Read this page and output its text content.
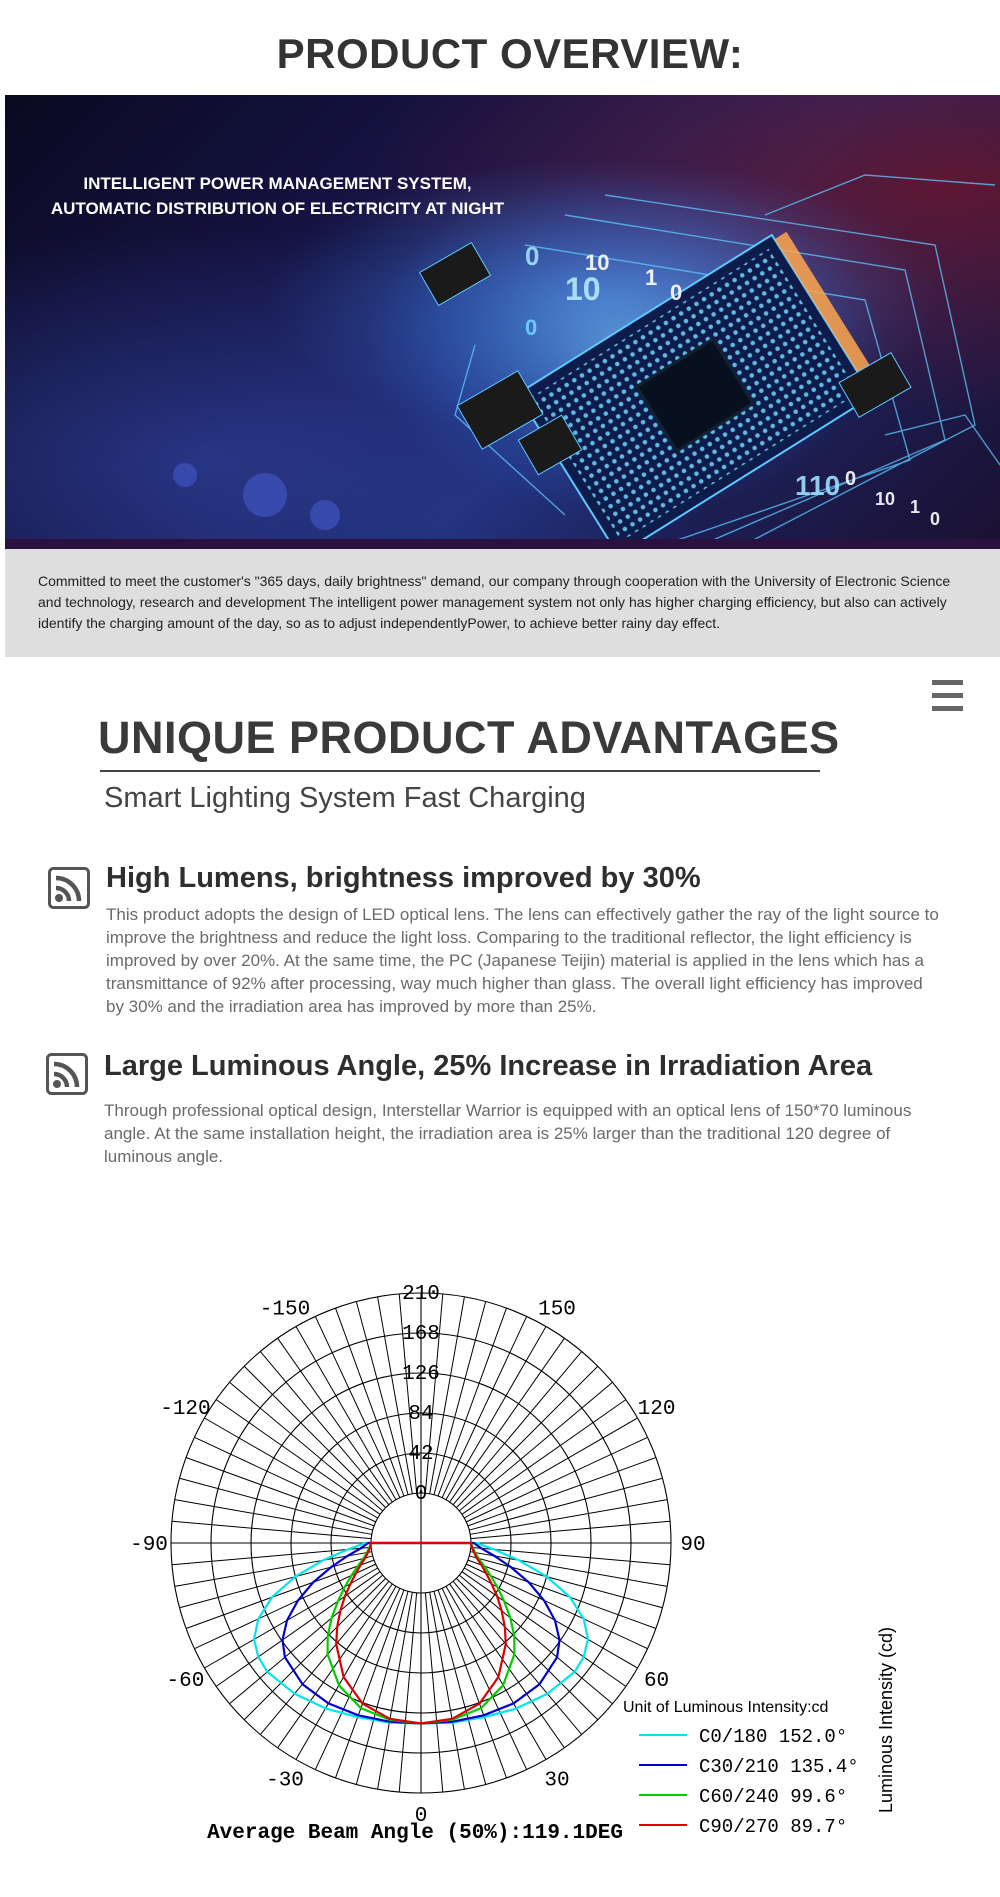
PRODUCT OVERVIEW:
0 10
1
0
10
0
110 0
10 1
0
INTELLIGENT POWER MANAGEMENT SYSTEM,
AUTOMATIC DISTRIBUTION OF ELECTRICITY AT NIGHT
Committed to meet the customer's "365 days, daily brightness" demand, our company through cooperation with the University of Electronic Science and technology, research and development The intelligent power management system not only has higher charging efficiency, but also can actively identify the charging amount of the day, so as to adjust independentlyPower, to achieve better rainy day effect.
UNIQUE PRODUCT ADVANTAGES
Smart Lighting System Fast Charging
High Lumens, brightness improved by 30%
This product adopts the design of LED optical lens. The lens can effectively gather the ray of the light source to improve the brightness and reduce the light loss. Comparing to the traditional reflector, the light efficiency is improved by over 20%. At the same time, the PC (Japanese Teijin) material is applied in the lens which has a transmittance of 92% after processing, way much higher than glass. The overall light efficiency has improved by 30% and the irradiation area has improved by more than 25%.
Large Luminous Angle, 25% Increase in Irradiation Area
Through professional optical design, Interstellar Warrior is equipped with an optical lens of 150*70 luminous angle. At the same installation height, the irradiation area is 25% larger than the traditional 120 degree of luminous angle.
0
42
84
126
168
210
0
30
60
90
120
150
-30
-60
-90
-120
-150
C0/180 152.0°
C30/210 135.4°
C60/240 99.6°
C90/270 89.7°
Luminous Intensity (cd)
Unit of Luminous Intensity:cd
Average Beam Angle (50%):119.1DEG
